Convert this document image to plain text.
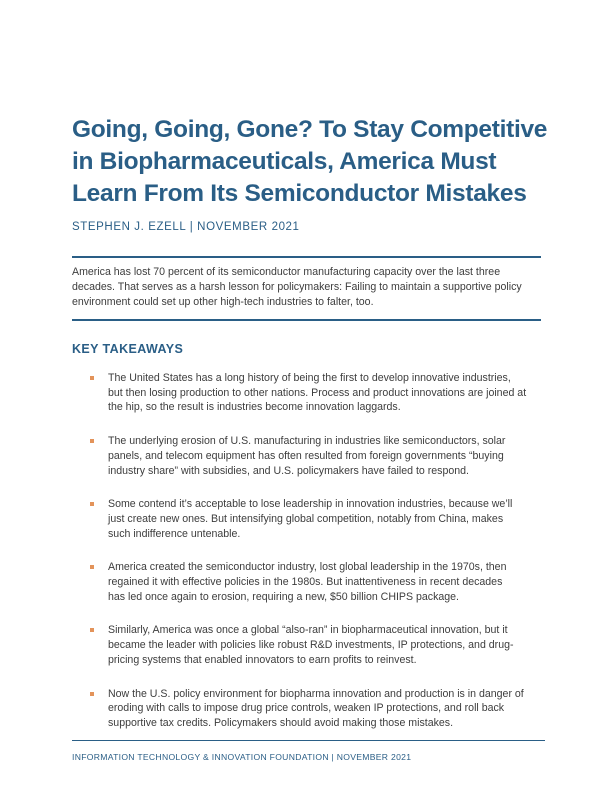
Going, Going, Gone? To Stay Competitive
in Biopharmaceuticals, America Must
Learn From Its Semiconductor Mistakes
STEPHEN J. EZELL | NOVEMBER 2021

America has lost 70 percent of its semiconductor manufacturing capacity over the last three
decades. That serves as a harsh lesson for policymakers: Failing to maintain a supportive policy
environment could set up other high-tech industries to falter, too.

KEY TAKEAWAYS
The United States has a long history of being the first to develop innovative industries,
but then losing production to other nations. Process and product innovations are joined at
the hip, so the result is industries become innovation laggards.
The underlying erosion of U.S. manufacturing in industries like semiconductors, solar
panels, and telecom equipment has often resulted from foreign governments “buying
industry share” with subsidies, and U.S. policymakers have failed to respond.
Some contend it’s acceptable to lose leadership in innovation industries, because we’ll
just create new ones. But intensifying global competition, notably from China, makes
such indifference untenable.
America created the semiconductor industry, lost global leadership in the 1970s, then
regained it with effective policies in the 1980s. But inattentiveness in recent decades
has led once again to erosion, requiring a new, $50 billion CHIPS package.
Similarly, America was once a global “also-ran” in biopharmaceutical innovation, but it
became the leader with policies like robust R&D investments, IP protections, and drug-
pricing systems that enabled innovators to earn profits to reinvest.
Now the U.S. policy environment for biopharma innovation and production is in danger of
eroding with calls to impose drug price controls, weaken IP protections, and roll back
supportive tax credits. Policymakers should avoid making those mistakes.
INFORMATION TECHNOLOGY & INNOVATION FOUNDATION | NOVEMBER 2021
